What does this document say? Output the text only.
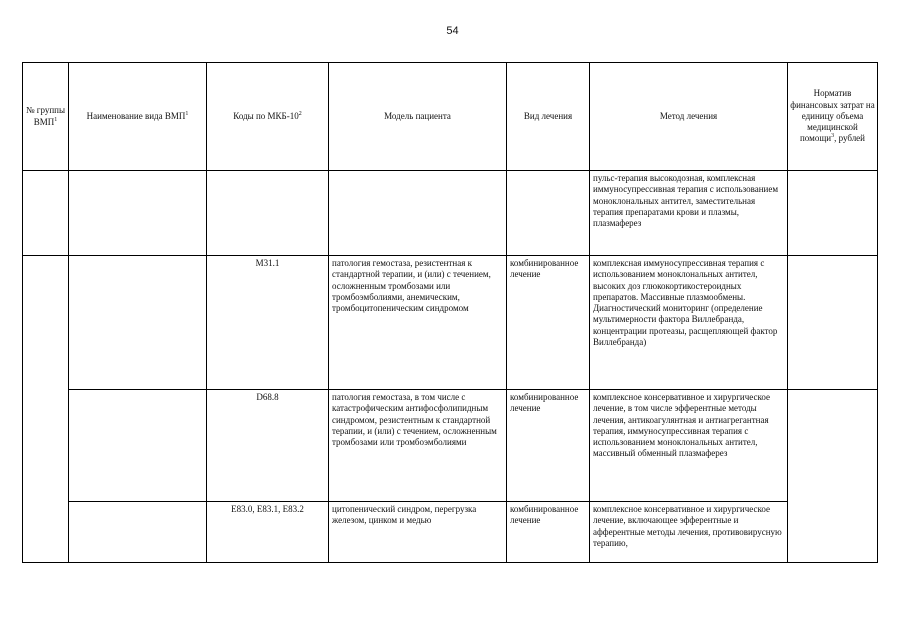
54
№ группы ВМП$^1$	Наименование вида ВМП$^1$	Коды по МКБ-$10^2$	Модель пациента	Вид лечения	Метод лечения	Норматив финансовых затрат на единицу объема медицинской помощи$^3$, рублей
					пульс-терапия высокодозная, комплексная иммуносупрессивная терапия с использованием моноклональных антител, заместительная терапия препаратами крови и плазмы, плазмаферез	
		M31.1	патология гемостаза, резистентная к стандартной терапии, и (или) с течением, осложненным тромбозами или тромбоэмболиями, анемическим, тромбоцитопеническим синдромом	комбинированное лечение	комплексная иммуносупрессивная терапия с использованием моноклональных антител, высоких доз глюкокортикостероидных препаратов. Массивные плазмообмены. Диагностический мониторинг (определение мультимерности фактора Виллебранда, концентрации протеазы, расщепляющей фактор Виллебранда)	
		D68.8	патология гемостаза, в том числе с катастрофическим антифосфолипидным синдромом, резистентным к стандартной терапии, и (или) с течением, осложненным тромбозами или тромбоэмболиями	комбинированное лечение	комплексное консервативное и хирургическое лечение, в том числе эфферентные методы лечения, антикоагулянтная и антиагрегантная терапия, иммуносупрессивная терапия с использованием моноклональных антител, массивный обменный плазмаферез	
		E83.0, E83.1, E83.2	цитопенический синдром, перегрузка железом, цинком и медью	комбинированное лечение	комплексное консервативное и хирургическое лечение, включающее эфферентные и афферентные методы лечения, противовирусную терапию,	
